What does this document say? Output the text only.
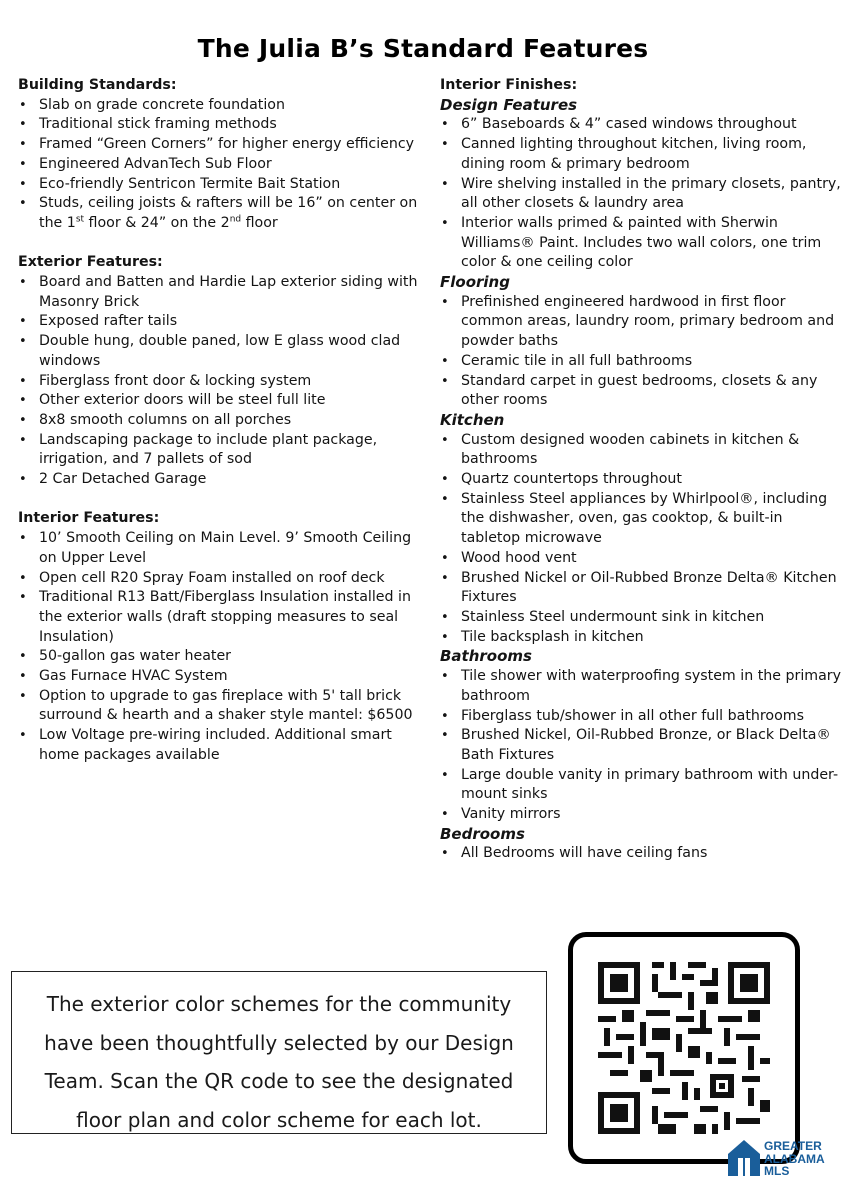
The Julia B’s Standard Features
Building Standards:
• Slab on grade concrete foundation
• Traditional stick framing methods
• Framed “Green Corners” for higher energy efficiency
• Engineered AdvanTech Sub Floor
• Eco-friendly Sentricon Termite Bait Station
• Studs, ceiling joists & rafters will be 16” on center on the 1st floor & 24” on the 2nd floor
Exterior Features:
• Board and Batten and Hardie Lap exterior siding with Masonry Brick
• Exposed rafter tails
• Double hung, double paned, low E glass wood clad windows
• Fiberglass front door & locking system
• Other exterior doors will be steel full lite
• 8x8 smooth columns on all porches
• Landscaping package to include plant package, irrigation, and 7 pallets of sod
• 2 Car Detached Garage
Interior Features:
• 10’ Smooth Ceiling on Main Level. 9’ Smooth Ceiling on Upper Level
• Open cell R20 Spray Foam installed on roof deck
• Traditional R13 Batt/Fiberglass Insulation installed in the exterior walls (draft stopping measures to seal Insulation)
• 50-gallon gas water heater
• Gas Furnace HVAC System
• Option to upgrade to gas fireplace with 5' tall brick surround & hearth and a shaker style mantel: $6500
• Low Voltage pre-wiring included. Additional smart home packages available
Interior Finishes:
Design Features
• 6” Baseboards & 4” cased windows throughout
• Canned lighting throughout kitchen, living room, dining room & primary bedroom
• Wire shelving installed in the primary closets, pantry, all other closets & laundry area
• Interior walls primed & painted with Sherwin Williams® Paint. Includes two wall colors, one trim color & one ceiling color
Flooring
• Prefinished engineered hardwood in first floor common areas, laundry room, primary bedroom and powder baths
• Ceramic tile in all full bathrooms
• Standard carpet in guest bedrooms, closets & any other rooms
Kitchen
• Custom designed wooden cabinets in kitchen & bathrooms
• Quartz countertops throughout
• Stainless Steel appliances by Whirlpool®, including the dishwasher, oven, gas cooktop, & built-in tabletop microwave
• Wood hood vent
• Brushed Nickel or Oil-Rubbed Bronze Delta® Kitchen Fixtures
• Stainless Steel undermount sink in kitchen
• Tile backsplash in kitchen
Bathrooms
• Tile shower with waterproofing system in the primary bathroom
• Fiberglass tub/shower in all other full bathrooms
• Brushed Nickel, Oil-Rubbed Bronze, or Black Delta® Bath Fixtures
• Large double vanity in primary bathroom with under-mount sinks
• Vanity mirrors
Bedrooms
• All Bedrooms will have ceiling fans
The exterior color schemes for the community
have been thoughtfully selected by our Design
Team. Scan the QR code to see the designated
floor plan and color scheme for each lot.
GREATER
ALABAMA
MLS
